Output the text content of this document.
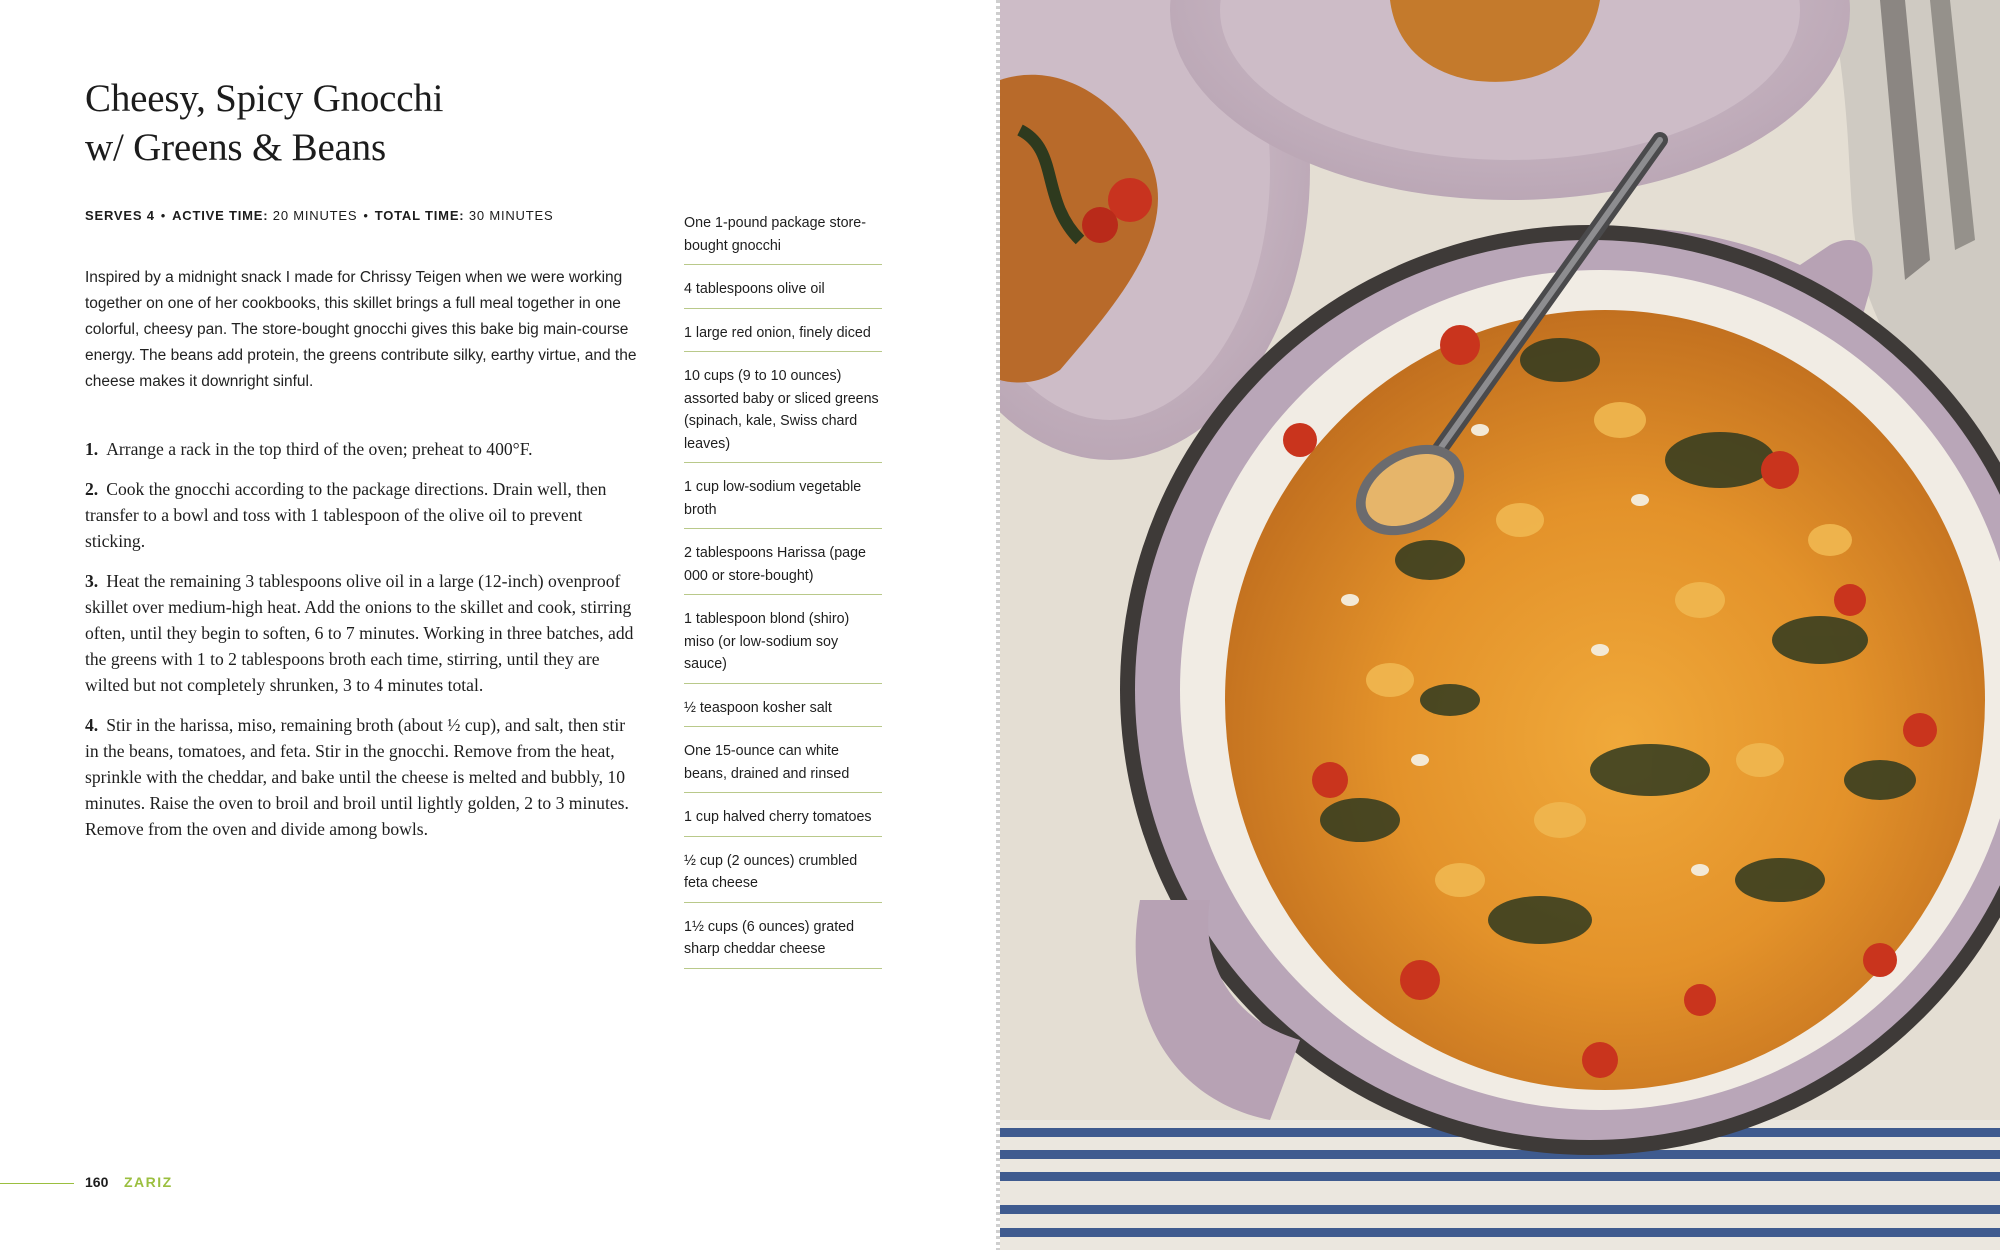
Cheesy, Spicy Gnocchi
w/ Greens & Beans
SERVES 4 • ACTIVE TIME: 20 MINUTES • TOTAL TIME: 30 MINUTES

Inspired by a midnight snack I made for Chrissy Teigen when we were working together on one of her cookbooks, this skillet brings a full meal together in one colorful, cheesy pan. The store-bought gnocchi gives this bake big main-course energy. The beans add protein, the greens contribute silky, earthy virtue, and the cheese makes it downright sinful.

1. Arrange a rack in the top third of the oven; preheat to 400°F.
2. Cook the gnocchi according to the package directions. Drain well, then transfer to a bowl and toss with 1 tablespoon of the olive oil to prevent sticking.
3. Heat the remaining 3 tablespoons olive oil in a large (12-inch) ovenproof skillet over medium-high heat. Add the onions to the skillet and cook, stirring often, until they begin to soften, 6 to 7 minutes. Working in three batches, add the greens with 1 to 2 tablespoons broth each time, stirring, until they are wilted but not completely shrunken, 3 to 4 minutes total.
4. Stir in the harissa, miso, remaining broth (about ½ cup), and salt, then stir in the beans, tomatoes, and feta. Stir in the gnocchi. Remove from the heat, sprinkle with the cheddar, and bake until the cheese is melted and bubbly, 10 minutes. Raise the oven to broil and broil until lightly golden, 2 to 3 minutes. Remove from the oven and divide among bowls.
One 1-pound package store-bought gnocchi
4 tablespoons olive oil
1 large red onion, finely diced
10 cups (9 to 10 ounces) assorted baby or sliced greens (spinach, kale, Swiss chard leaves)
1 cup low-sodium vegetable broth
2 tablespoons Harissa (page 000 or store-bought)
1 tablespoon blond (shiro) miso (or low-sodium soy sauce)
½ teaspoon kosher salt
One 15-ounce can white beans, drained and rinsed
1 cup halved cherry tomatoes
½ cup (2 ounces) crumbled feta cheese
1½ cups (6 ounces) grated sharp cheddar cheese
160 ZARIZ
